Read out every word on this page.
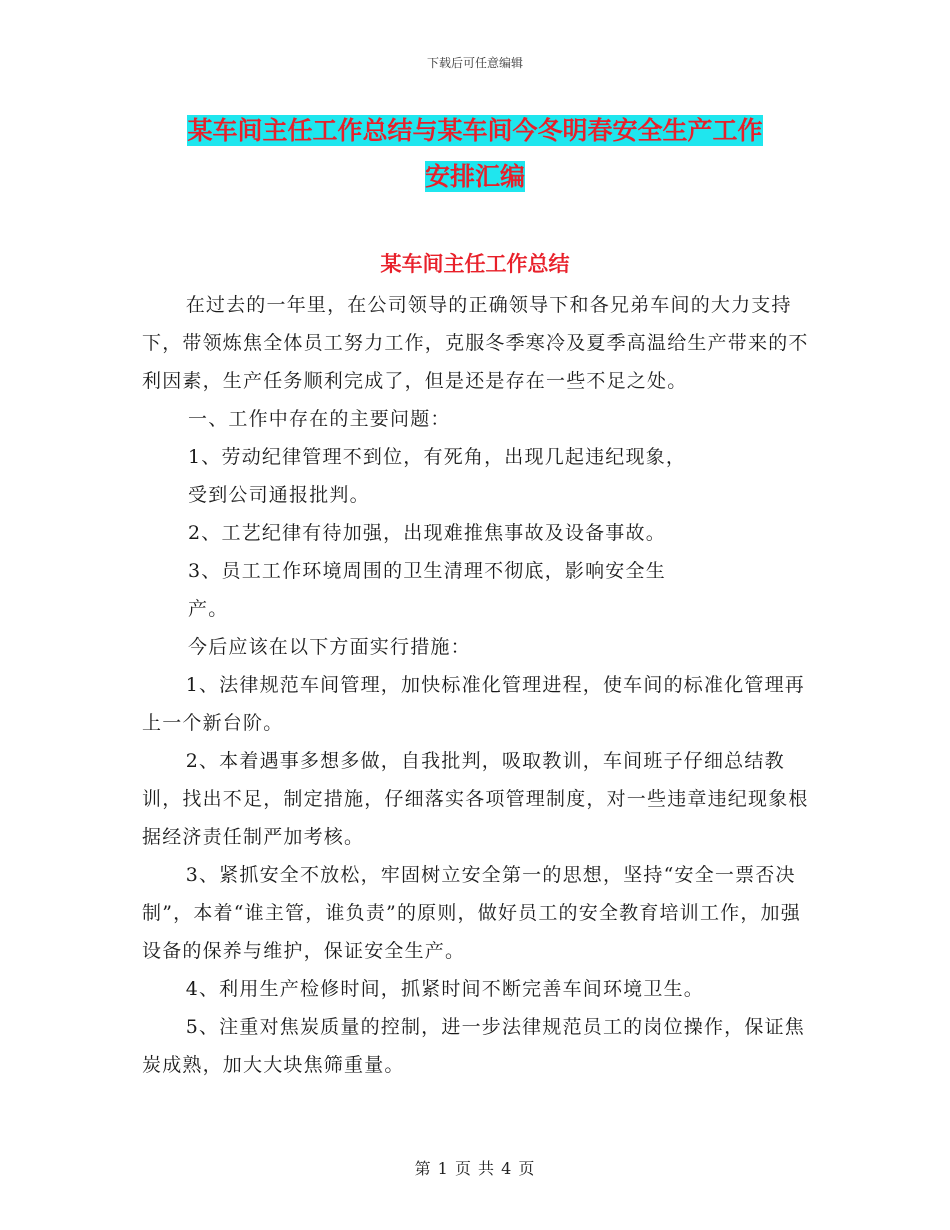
下载后可任意编辑
某车间主任工作总结与某车间今冬明春安全生产工作
安排汇编
某车间主任工作总结

在过去的一年里，在公司领导的正确领导下和各兄弟车间的大力支持下，带领炼焦全体员工努力工作，克服冬季寒冷及夏季高温给生产带来的不利因素，生产任务顺利完成了，但是还是存在一些不足之处。

一、工作中存在的主要问题：

1、劳动纪律管理不到位，有死角，出现几起违纪现象，

受到公司通报批判。

2、工艺纪律有待加强，出现难推焦事故及设备事故。

3、员工工作环境周围的卫生清理不彻底，影响安全生

产。

今后应该在以下方面实行措施：

1、法律规范车间管理，加快标准化管理进程，使车间的标准化管理再上一个新台阶。

2、本着遇事多想多做，自我批判，吸取教训，车间班子仔细总结教训，找出不足，制定措施，仔细落实各项管理制度，对一些违章违纪现象根据经济责任制严加考核。

3、紧抓安全不放松，牢固树立安全第一的思想，坚持“安全一票否决制”，本着“谁主管，谁负责”的原则，做好员工的安全教育培训工作，加强设备的保养与维护，保证安全生产。

4、利用生产检修时间，抓紧时间不断完善车间环境卫生。

5、注重对焦炭质量的控制，进一步法律规范员工的岗位操作，保证焦炭成熟，加大大块焦筛重量。

第 1 页 共 4 页
